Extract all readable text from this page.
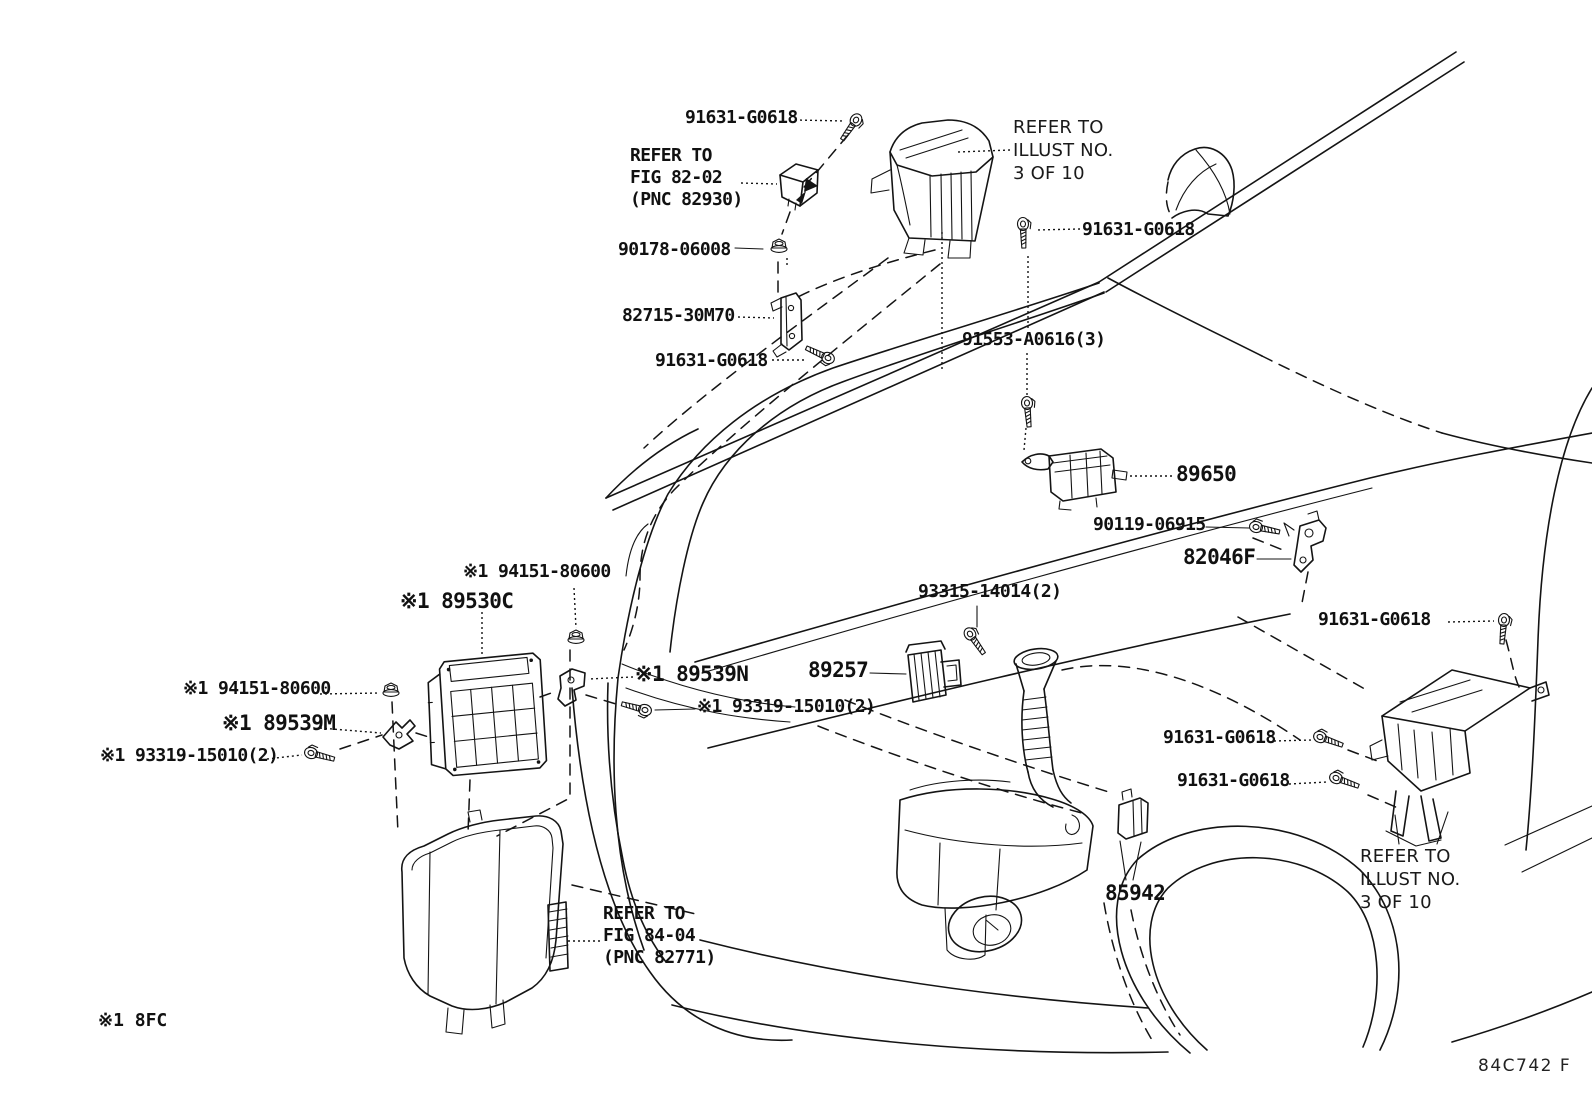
91631-G0618
REFER TO
FIG 82-02
(PNC 82930)
REFER TO
ILLUST NO.
3 OF 10
91631-G0618
90178-06008
82715-30M70
91631-G0618
91553-A0616(3)
89650
90119-06915
82046F
91631-G0618
※1 94151-80600
※1 89530C
※1 94151-80600
※1 89539N
※1 89539M
※1 93319-15010(2)
※1 93319-15010(2)
93315-14014(2)
89257
91631-G0618
91631-G0618
85942
REFER TO
FIG 84-04
(PNC 82771)
REFER TO
ILLUST NO.
3 OF 10
※1 8FC
84C742 F
